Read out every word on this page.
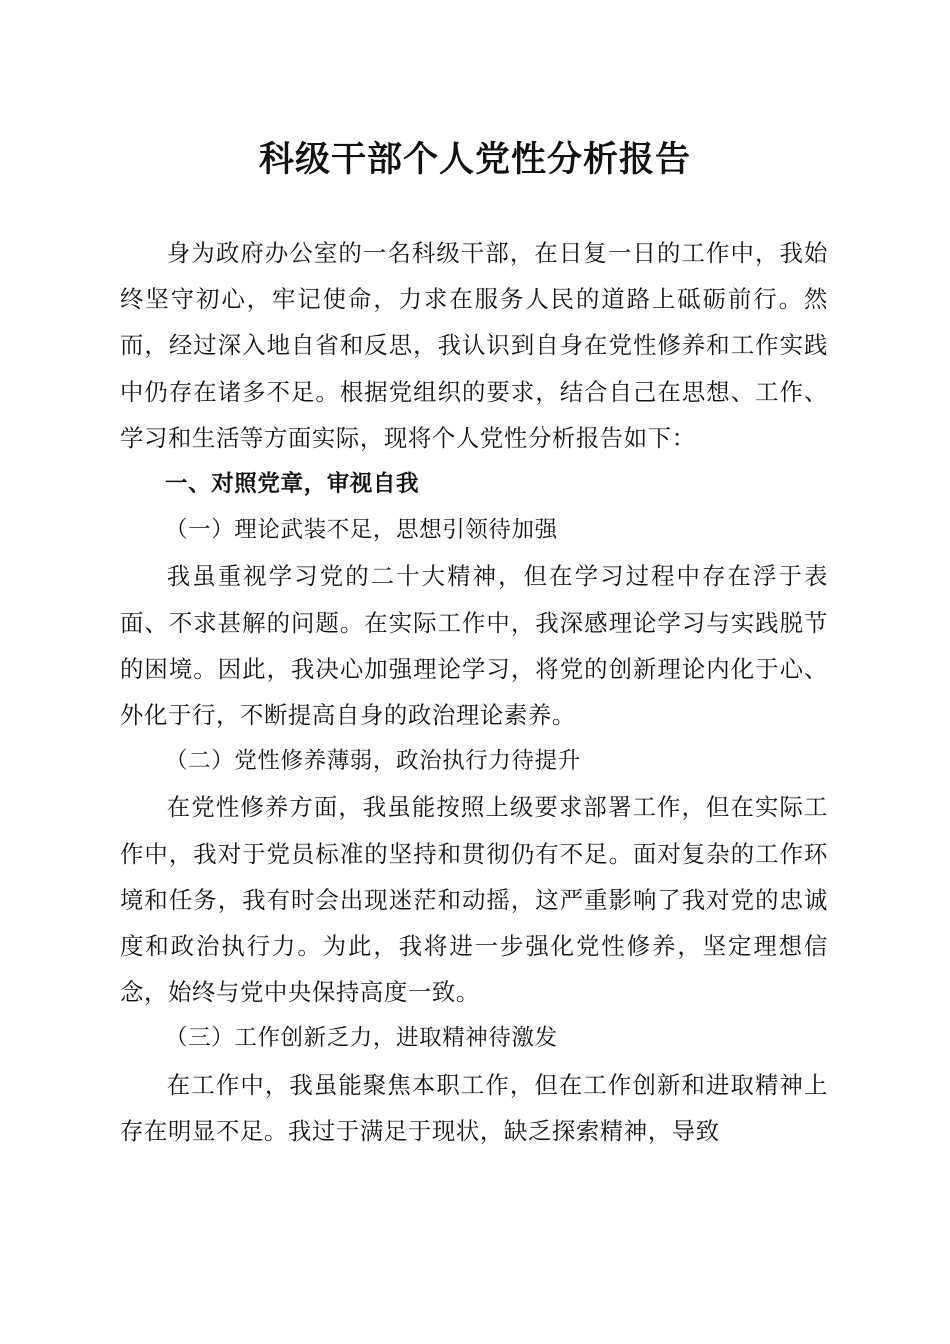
科级干部个人党性分析报告

身为政府办公室的一名科级干部，在日复一日的工作中，我始终坚守初心，牢记使命，力求在服务人民的道路上砥砺前行。然而，经过深入地自省和反思，我认识到自身在党性修养和工作实践中仍存在诸多不足。根据党组织的要求，结合自己在思想、工作、学习和生活等方面实际，现将个人党性分析报告如下：

一、对照党章，审视自我

（一）理论武装不足，思想引领待加强

我虽重视学习党的二十大精神，但在学习过程中存在浮于表面、不求甚解的问题。在实际工作中，我深感理论学习与实践脱节的困境。因此，我决心加强理论学习，将党的创新理论内化于心、外化于行，不断提高自身的政治理论素养。

（二）党性修养薄弱，政治执行力待提升

在党性修养方面，我虽能按照上级要求部署工作，但在实际工作中，我对于党员标准的坚持和贯彻仍有不足。面对复杂的工作环境和任务，我有时会出现迷茫和动摇，这严重影响了我对党的忠诚度和政治执行力。为此，我将进一步强化党性修养，坚定理想信念，始终与党中央保持高度一致。

（三）工作创新乏力，进取精神待激发

在工作中，我虽能聚焦本职工作，但在工作创新和进取精神上存在明显不足。我过于满足于现状，缺乏探索精神，导致
